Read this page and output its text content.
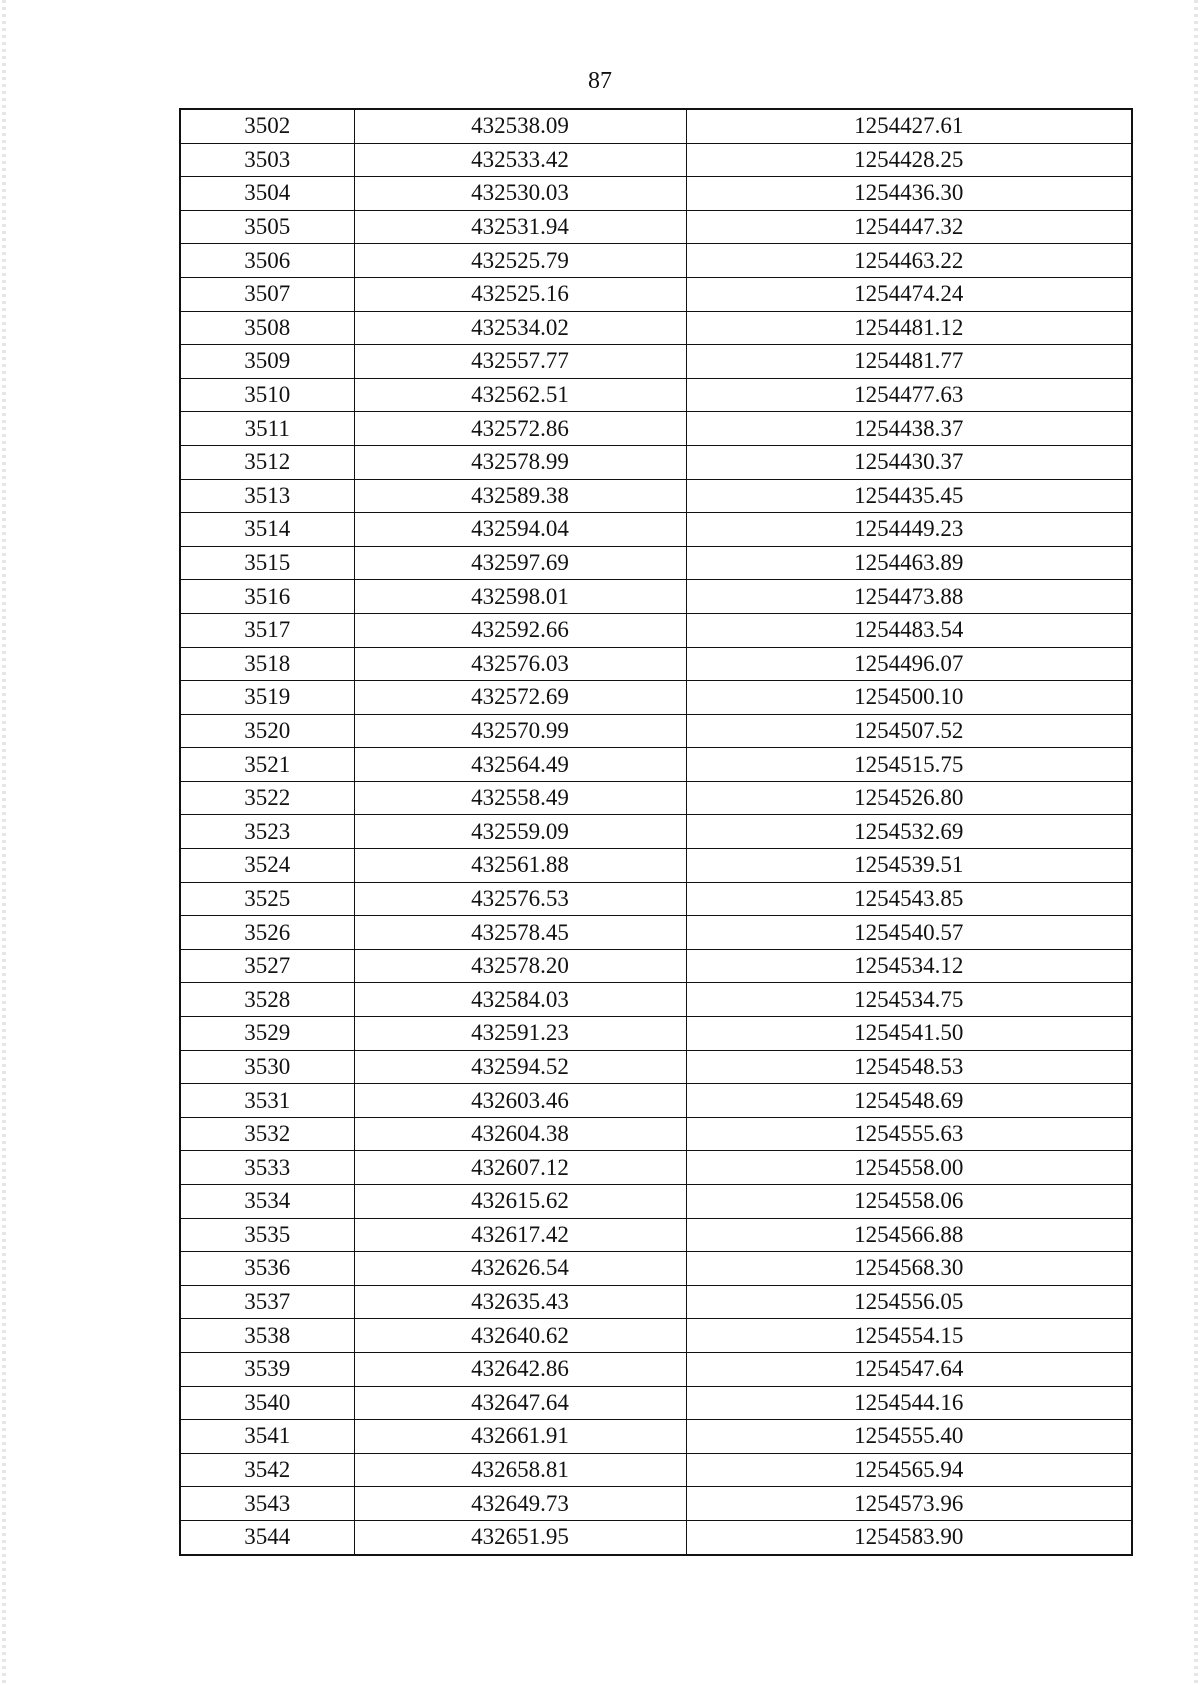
87
3502	432538.09	1254427.61
3503	432533.42	1254428.25
3504	432530.03	1254436.30
3505	432531.94	1254447.32
3506	432525.79	1254463.22
3507	432525.16	1254474.24
3508	432534.02	1254481.12
3509	432557.77	1254481.77
3510	432562.51	1254477.63
3511	432572.86	1254438.37
3512	432578.99	1254430.37
3513	432589.38	1254435.45
3514	432594.04	1254449.23
3515	432597.69	1254463.89
3516	432598.01	1254473.88
3517	432592.66	1254483.54
3518	432576.03	1254496.07
3519	432572.69	1254500.10
3520	432570.99	1254507.52
3521	432564.49	1254515.75
3522	432558.49	1254526.80
3523	432559.09	1254532.69
3524	432561.88	1254539.51
3525	432576.53	1254543.85
3526	432578.45	1254540.57
3527	432578.20	1254534.12
3528	432584.03	1254534.75
3529	432591.23	1254541.50
3530	432594.52	1254548.53
3531	432603.46	1254548.69
3532	432604.38	1254555.63
3533	432607.12	1254558.00
3534	432615.62	1254558.06
3535	432617.42	1254566.88
3536	432626.54	1254568.30
3537	432635.43	1254556.05
3538	432640.62	1254554.15
3539	432642.86	1254547.64
3540	432647.64	1254544.16
3541	432661.91	1254555.40
3542	432658.81	1254565.94
3543	432649.73	1254573.96
3544	432651.95	1254583.90
